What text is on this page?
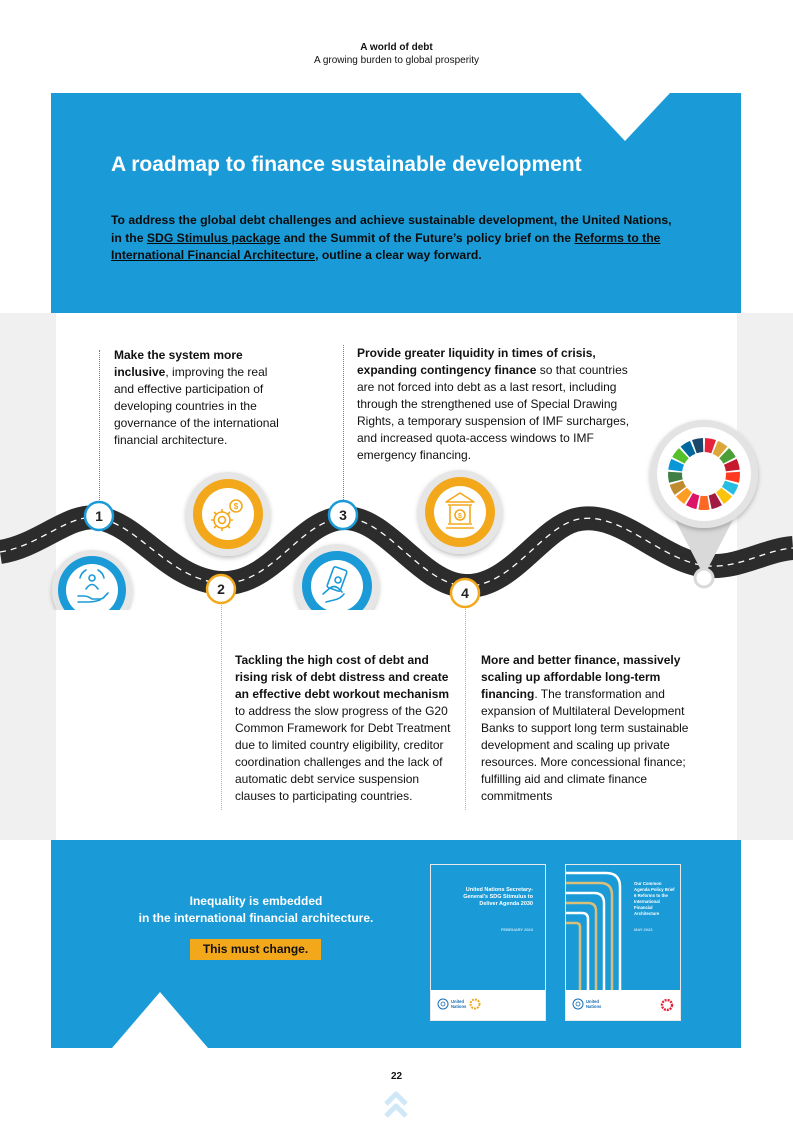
A world of debt
A growing burden to global prosperity
A roadmap to finance sustainable development

To address the global debt challenges and achieve sustainable development, the United Nations, in the SDG Stimulus package and the Summit of the Future’s policy brief on the Reforms to the International Financial Architecture, outline a clear way forward.

Make the system more inclusive, improving the real and effective participation of developing countries in the governance of the international financial architecture.

Provide greater liquidity in times of crisis, expanding contingency finance so that countries are not forced into debt as a last resort, including through the strengthened use of Special Drawing Rights, a temporary suspension of IMF surcharges, and increased quota-access windows to IMF emergency financing.

Tackling the high cost of debt and rising risk of debt distress and create an effective debt workout mechanism to address the slow progress of the G20 Common Framework for Debt Treatment due to limited country eligibility, creditor coordination challenges and the lack of automatic debt service suspension clauses to participating countries.

More and better finance, massively scaling up affordable long-term financing. The transformation and expansion of Multilateral Development Banks to support long term sustainable development and scaling up private resources. More concessional finance; fulfilling aid and climate finance commitments

1
$
2
3	$
4

Inequality is embedded

in the international financial architecture.

This must change.
United Nations Secretary-General’s SDG Stimulus to Deliver Agenda 2030
FEBRUARY 2023
United Nations
Our Common Agenda Policy Brief 6 Reforms to the International Financial Architecture
MAY 2023
United Nations
22
